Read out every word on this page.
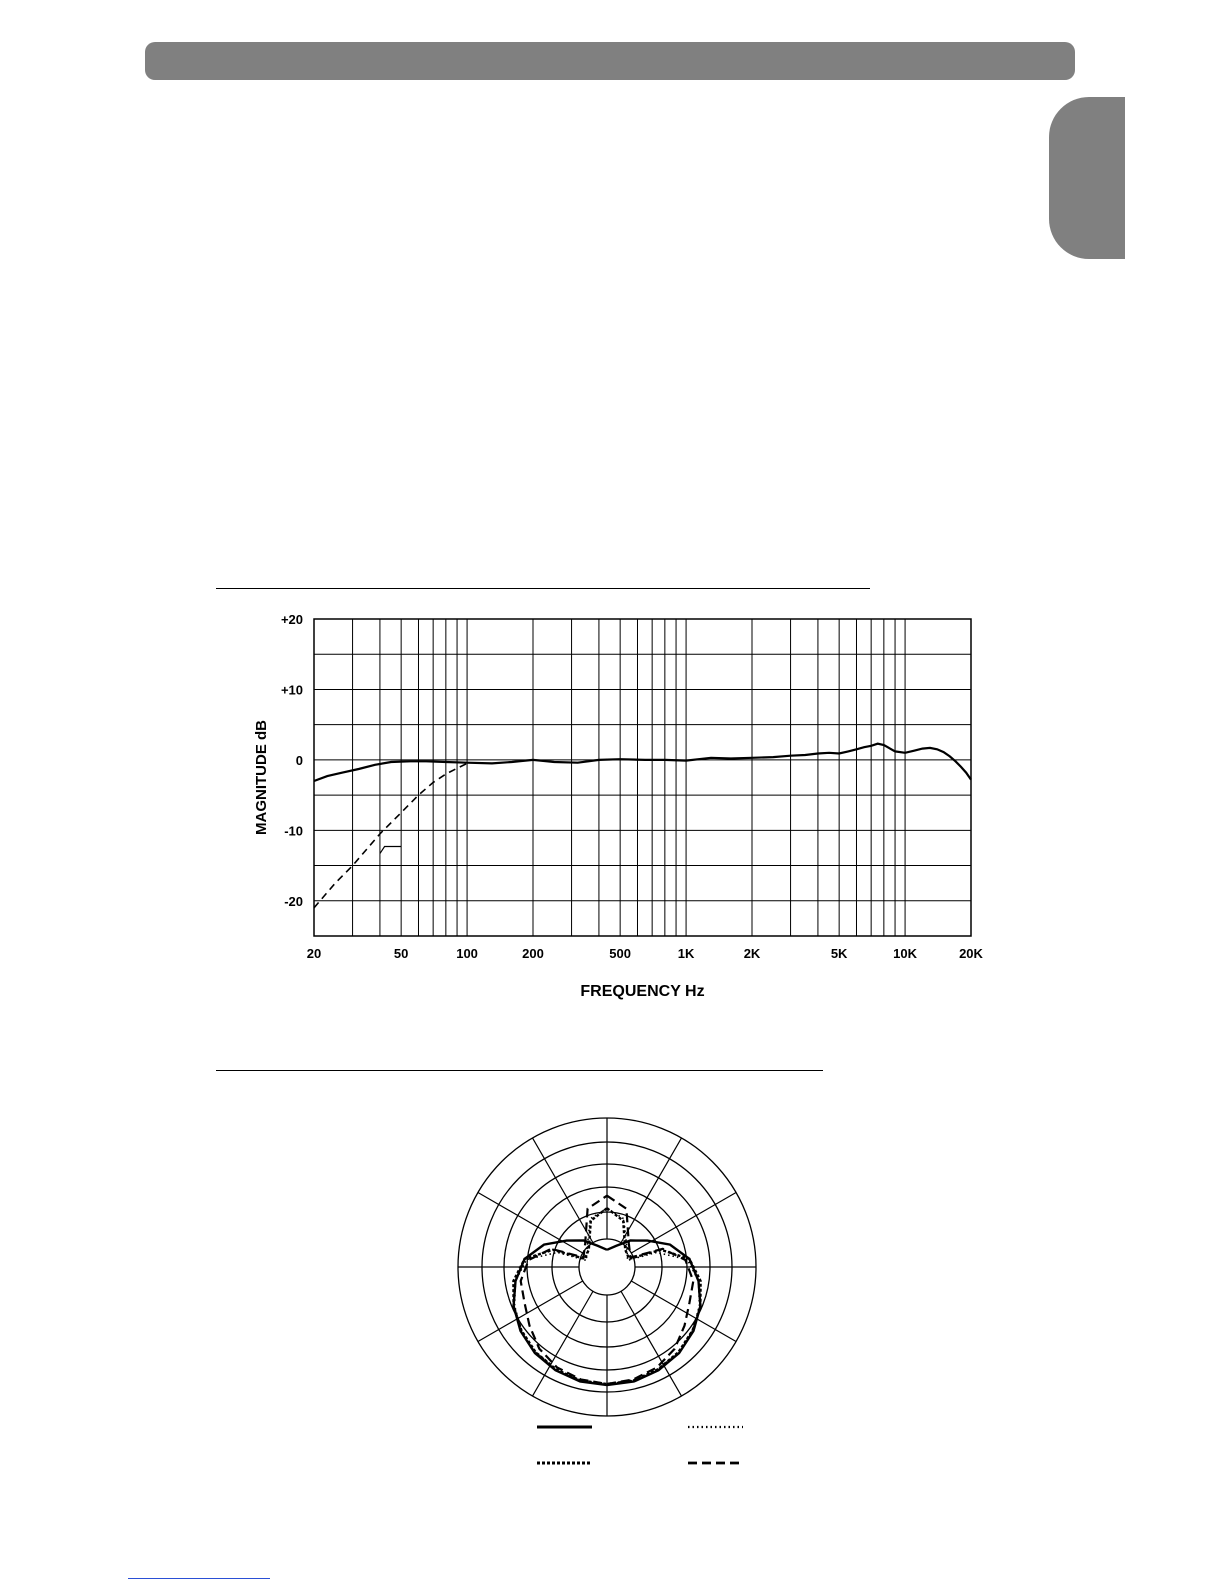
+20
+10
0
-10
-20
20	50	100	200	500	1K	2K	5K	10K	20K
FREQUENCY Hz
MAGNITUDE dB
